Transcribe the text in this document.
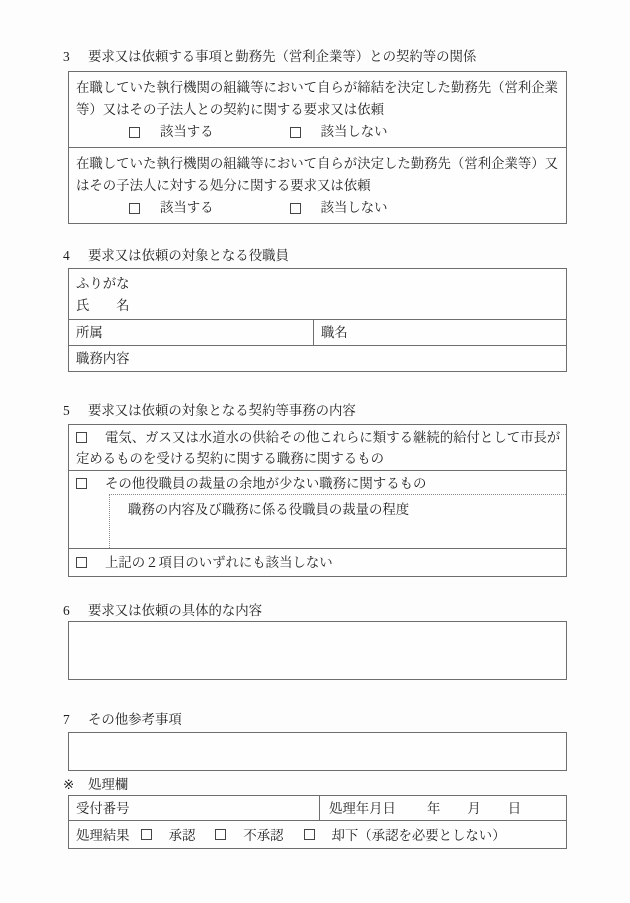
3	要求又は依頼する事項と勤務先（営利企業等）との契約等の関係
在職していた執行機関の組織等において自らが締結を決定した勤務先（営利企業
等）又はその子法人との契約に関する要求又は依頼
該当する	該当しない
在職していた執行機関の組織等において自らが決定した勤務先（営利企業等）又
はその子法人に対する処分に関する要求又は依頼
該当する	該当しない
4	要求又は依頼の対象となる役職員
ふりがな
氏　　名
所属	職名
職務内容
5	要求又は依頼の対象となる契約等事務の内容
電気、ガス又は水道水の供給その他これらに類する継続的給付として市長が
定めるものを受ける契約に関する職務に関するもの
その他役職員の裁量の余地が少ない職務に関するもの
職務の内容及び職務に係る役職員の裁量の程度
上記の２項目のいずれにも該当しない
6	要求又は依頼の具体的な内容
7	その他参考事項
※	処理欄
受付番号	処理年月日 年 月 日
処理結果	承認	不承認	却下（承認を必要としない）
